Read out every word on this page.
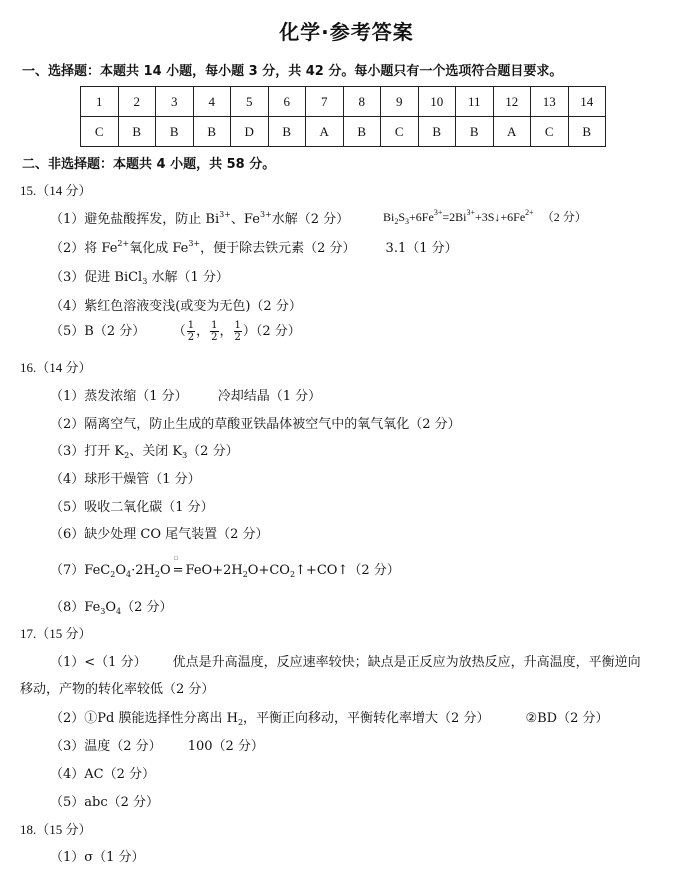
化学·参考答案
一、选择题：本题共 14 小题，每小题 3 分，共 42 分。每小题只有一个选项符合题目要求。
1	2	3	4	5	6	7	8	9	10	11	12	13	14
C	B	B	B	D	B	A	B	C	B	B	A	C	B
二、非选择题：本题共 4 小题，共 58 分。
15.（14 分）
（1）避免盐酸挥发，防止 $Bi^{3+}$、$Fe^{3+}$水解（2 分）	$Bi_2S_3+6Fe^{3+}=2Bi^{3+}+3S↓+6Fe^{2+}$ （2 分）
（2）将 $Fe^{2+}$氧化成 $Fe^{3+}$，便于除去铁元素（2 分） 3.1（1 分）
（3）促进 BiCl$_3$ 水解（1 分）
（4）紫红色溶液变浅(或变为无色)（2 分）
（5）B（2 分）	（ $\frac{1}{2}$ ， $\frac{1}{2}$ ， $\frac{1}{2} )(2$ 分）
16.（14 分）
（1）蒸发浓缩（1 分） 冷却结晶（1 分）
（2）隔离空气，防止生成的草酸亚铁晶体被空气中的氧气氧化（2 分）
（3）打开 $K_2$、关闭 $K_3(2$ 分）
（4）球形干燥管（1 分）
（5）吸收二氧化碳（1 分）
（6）缺少处理 CO 尾气装置（2 分）
$(7)FeC_2O_4\cdot 2H_2O$
▫
= $FeO+2H_2O+CO_2↑+CO↑(2$ 分）
$(8)Fe_3O_4(2$ 分）
17.（15 分）
（1）<（1 分） 优点是升高温度，反应速率较快；缺点是正反应为放热反应，升高温度，平衡逆向
移动，产物的转化率较低（2 分）
（2）①Pd 膜能选择性分离出 $H_2$，平衡正向移动，平衡转化率增大（2 分）	②BD（2 分）
（3）温度（2 分） 100（2 分）
（4）AC（2 分）
（5）abc（2 分）
18.（15 分）
（1）σ（1 分）
